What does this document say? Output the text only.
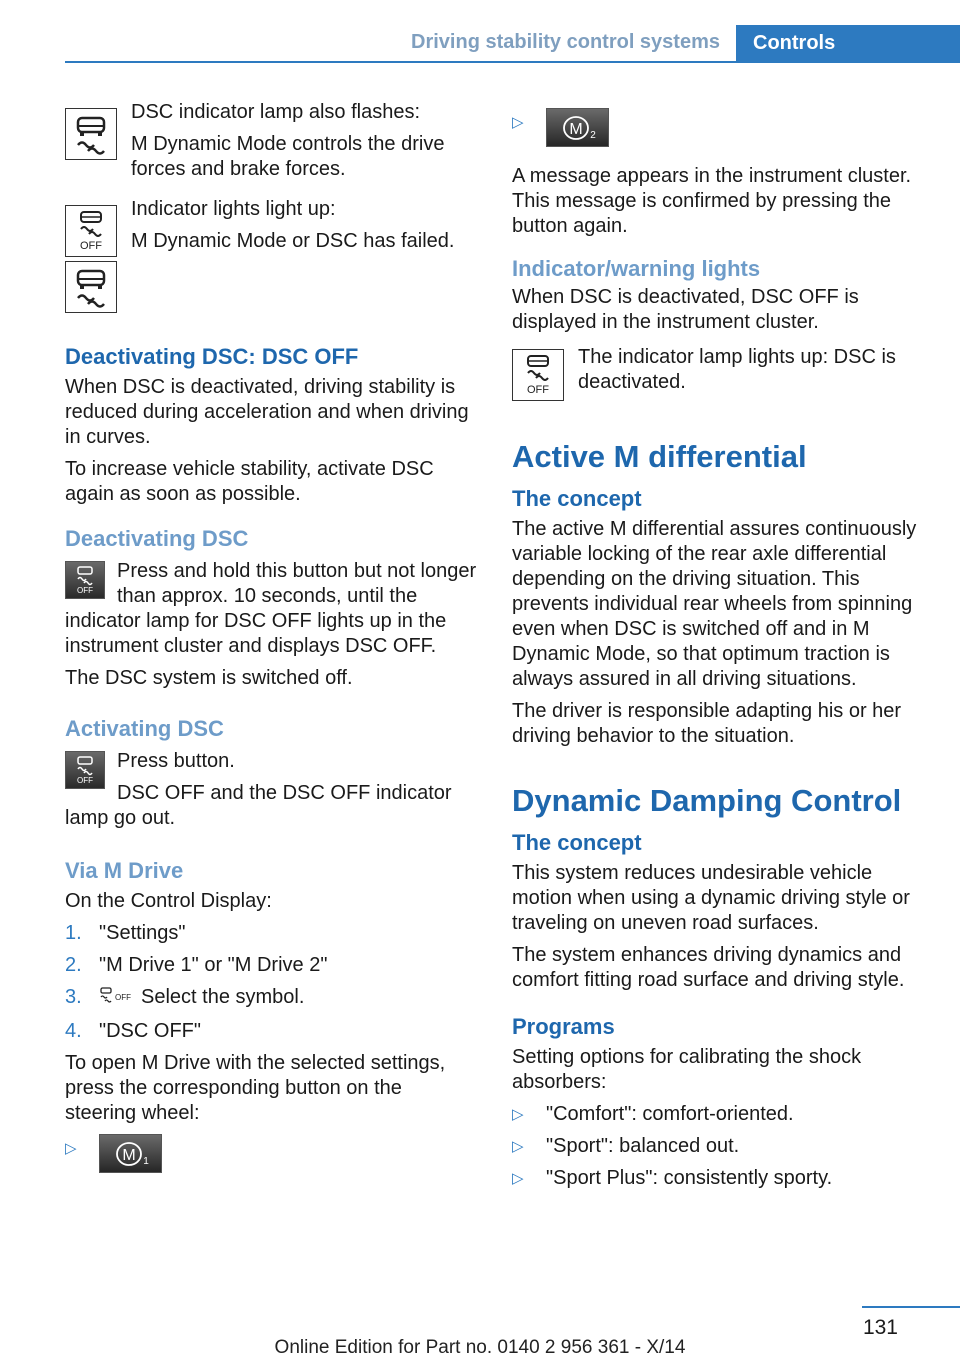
Driving stability control systems	Controls

DSC indicator lamp also flashes:

M Dynamic Mode controls the drive forces and brake forces.

OFF

Indicator lights light up:

M Dynamic Mode or DSC has failed.

Deactivating DSC: DSC OFF

When DSC is deactivated, driving stability is reduced during acceleration and when driving in curves.

To increase vehicle stability, activate DSC again as soon as possible.

Deactivating DSC
OFF

Press and hold this button but not longer than approx. 10 seconds, until the indicator lamp for DSC OFF lights up in the instrument cluster and displays DSC OFF.

The DSC system is switched off.

Activating DSC
OFF

Press button.

DSC OFF and the DSC OFF indicator lamp go out.

Via M Drive

On the Control Display:

1. "Settings"
2. "M Drive 1" or "M Drive 2"
3.	OFF Select the symbol.
4. "DSC OFF"

To open M Drive with the selected settings, press the corresponding button on the steering wheel:

▷	M 1
▷	M 2

A message appears in the instrument cluster. This message is confirmed by pressing the button again.

Indicator/warning lights

When DSC is deactivated, DSC OFF is displayed in the instrument cluster.

OFF

The indicator lamp lights up: DSC is deactivated.

Active M differential
The concept

The active M differential assures continuously variable locking of the rear axle differential depending on the driving situation. This prevents individual rear wheels from spinning even when DSC is switched off and in M Dynamic Mode, so that optimum traction is always assured in all driving situations.

The driver is responsible adapting his or her driving behavior to the situation.

Dynamic Damping Control
The concept

This system reduces undesirable vehicle motion when using a dynamic driving style or traveling on uneven road surfaces.

The system enhances driving dynamics and comfort fitting road surface and driving style.

Programs

Setting options for calibrating the shock absorbers:

▷ "Comfort": comfort-oriented.
▷ "Sport": balanced out.
▷ "Sport Plus": consistently sporty.
131
Online Edition for Part no. 0140 2 956 361 - X/14
